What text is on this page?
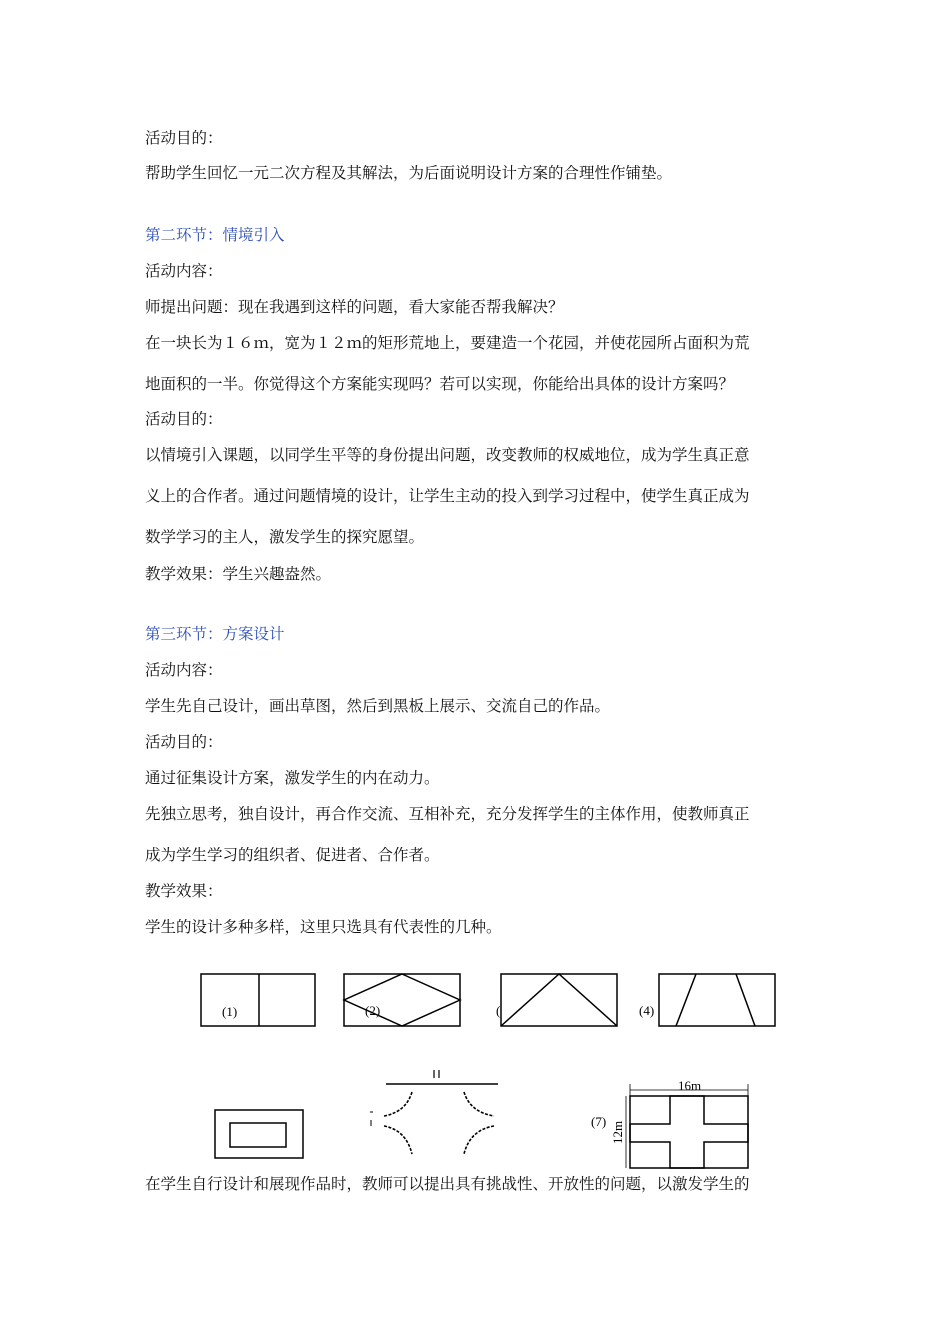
活动目的：
帮助学生回忆一元二次方程及其解法，为后面说明设计方案的合理性作铺垫。
第二环节：情境引入
活动内容：
师提出问题：现在我遇到这样的问题，看大家能否帮我解决？
在一块长为１６ｍ，宽为１２ｍ的矩形荒地上，要建造一个花园，并使花园所占面积为荒
地面积的一半。你觉得这个方案能实现吗？若可以实现，你能给出具体的设计方案吗？
活动目的：
以情境引入课题，以同学生平等的身份提出问题，改变教师的权威地位，成为学生真正意
义上的合作者。通过问题情境的设计，让学生主动的投入到学习过程中，使学生真正成为
数学学习的主人，激发学生的探究愿望。
教学效果：学生兴趣盎然。
第三环节：方案设计
活动内容：
学生先自己设计，画出草图，然后到黑板上展示、交流自己的作品。
活动目的：
通过征集设计方案，激发学生的内在动力。
先独立思考，独自设计，再合作交流、互相补充，充分发挥学生的主体作用，使教师真正
成为学生学习的组织者、促进者、合作者。
教学效果：
学生的设计多种多样，这里只选具有代表性的几种。
(1)	(2)	(	(4)
16m
12m
(7)
在学生自行设计和展现作品时，教师可以提出具有挑战性、开放性的问题，以激发学生的
